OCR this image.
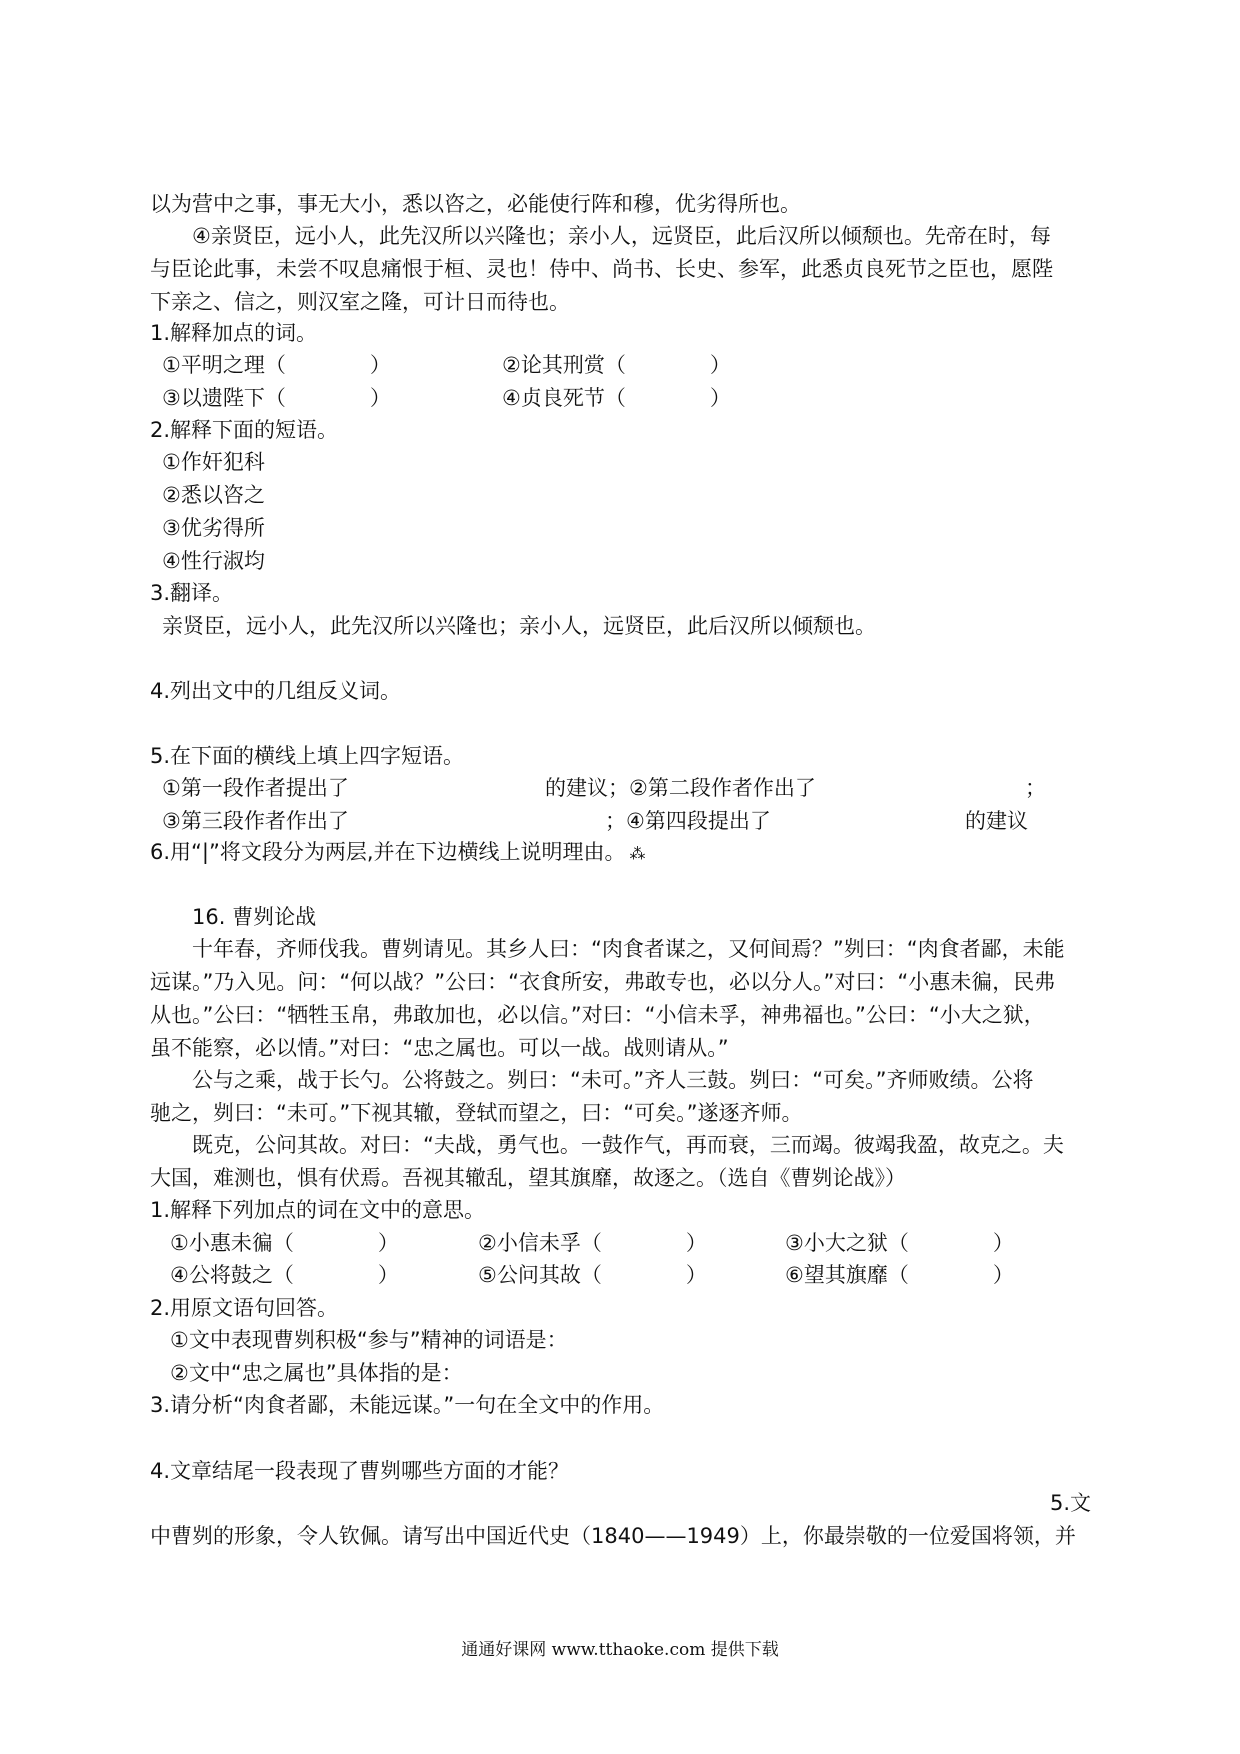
以为营中之事，事无大小，悉以咨之，必能使行阵和穆，优劣得所也。
④亲贤臣，远小人，此先汉所以兴隆也；亲小人，远贤臣，此后汉所以倾颓也。先帝在时，每
与臣论此事，未尝不叹息痛恨于桓、灵也！侍中、尚书、长史、参军，此悉贞良死节之臣也，愿陛
下亲之、信之，则汉室之隆，可计日而待也。
1.解释加点的词。
①平明之理（　　　　）	②论其刑赏（　　　　）
③以遗陛下（　　　　）	④贞良死节（　　　　）
2.解释下面的短语。
①作奸犯科
②悉以咨之
③优劣得所
④性行淑均
3.翻译。
亲贤臣，远小人，此先汉所以兴隆也；亲小人，远贤臣，此后汉所以倾颓也。
4.列出文中的几组反义词。
5.在下面的横线上填上四字短语。
①第一段作者提出了	的建议；②第二段作者作出了	；
③第三段作者作出了	；④第四段提出了	的建议
6.用“|”将文段分为两层,并在下边横线上说明理由。 ⁂
16. 曹刿论战
十年春，齐师伐我。曹刿请见。其乡人曰：“肉食者谋之，又何间焉？”刿曰：“肉食者鄙，未能
远谋。”乃入见。问：“何以战？”公曰：“衣食所安，弗敢专也，必以分人。”对曰：“小惠未徧，民弗
从也。”公曰：“牺牲玉帛，弗敢加也，必以信。”对曰：“小信未孚，神弗福也。”公曰：“小大之狱，
虽不能察，必以情。”对曰：“忠之属也。可以一战。战则请从。”
公与之乘，战于长勺。公将鼓之。刿曰：“未可。”齐人三鼓。刿曰：“可矣。”齐师败绩。公将
驰之，刿曰：“未可。”下视其辙，登轼而望之，曰：“可矣。”遂逐齐师。
既克，公问其故。对曰：“夫战，勇气也。一鼓作气，再而衰，三而竭。彼竭我盈，故克之。夫
大国，难测也，惧有伏焉。吾视其辙乱，望其旗靡，故逐之。（选自《曹刿论战》）
1.解释下列加点的词在文中的意思。
①小惠未徧（　　　　）	②小信未孚（　　　　）	③小大之狱（　　　　）
④公将鼓之（　　　　）	⑤公问其故（　　　　）	⑥望其旗靡（　　　　）
2.用原文语句回答。
①文中表现曹刿积极“参与”精神的词语是：
②文中“忠之属也”具体指的是：
3.请分析“肉食者鄙，未能远谋。”一句在全文中的作用。
4.文章结尾一段表现了曹刿哪些方面的才能？
5.文
中曹刿的形象，令人钦佩。请写出中国近代史（1840——1949）上，你最崇敬的一位爱国将领，并
通通好课网 www.tthaoke.com 提供下载
